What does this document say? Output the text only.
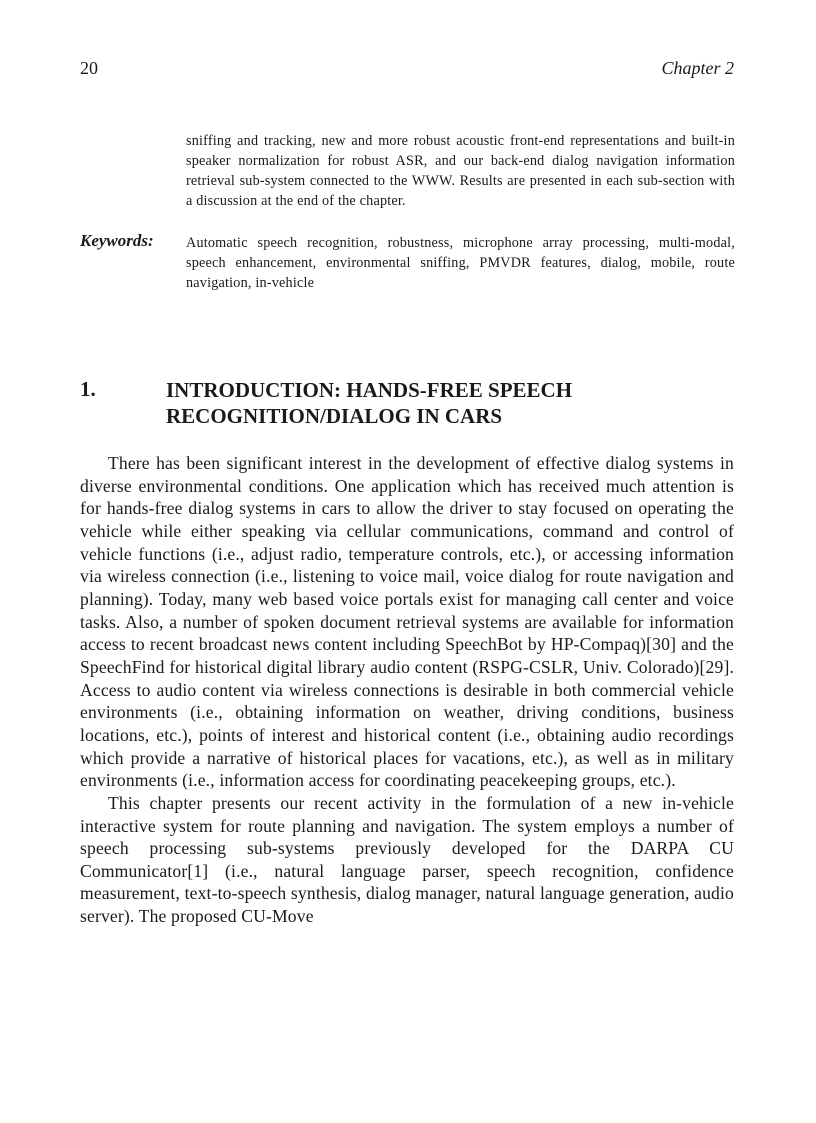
20	Chapter 2
sniffing and tracking, new and more robust acoustic front-end representations and built-in speaker normalization for robust ASR, and our back-end dialog navigation information retrieval sub-system connected to the WWW. Results are presented in each sub-section with a discussion at the end of the chapter.
Keywords: Automatic speech recognition, robustness, microphone array processing, multi-modal, speech enhancement, environmental sniffing, PMVDR features, dialog, mobile, route navigation, in-vehicle
1.	INTRODUCTION: HANDS-FREE SPEECH RECOGNITION/DIALOG IN CARS

There has been significant interest in the development of effective dialog systems in diverse environmental conditions. One application which has received much attention is for hands-free dialog systems in cars to allow the driver to stay focused on operating the vehicle while either speaking via cellular communications, command and control of vehicle functions (i.e., adjust radio, temperature controls, etc.), or accessing information via wireless connection (i.e., listening to voice mail, voice dialog for route navigation and planning). Today, many web based voice portals exist for managing call center and voice tasks. Also, a number of spoken document retrieval systems are available for information access to recent broadcast news content including SpeechBot by HP-Compaq)[30] and the SpeechFind for historical digital library audio content (RSPG-CSLR, Univ. Colorado)[29]. Access to audio content via wireless connections is desirable in both commercial vehicle environments (i.e., obtaining information on weather, driving conditions, business locations, etc.), points of interest and historical content (i.e., obtaining audio recordings which provide a narrative of historical places for vacations, etc.), as well as in military environments (i.e., information access for coordinating peacekeeping groups, etc.).

This chapter presents our recent activity in the formulation of a new in-vehicle interactive system for route planning and navigation. The system employs a number of speech processing sub-systems previously developed for the DARPA CU Communicator[1] (i.e., natural language parser, speech recognition, confidence measurement, text-to-speech synthesis, dialog manager, natural language generation, audio server). The proposed CU-Move
